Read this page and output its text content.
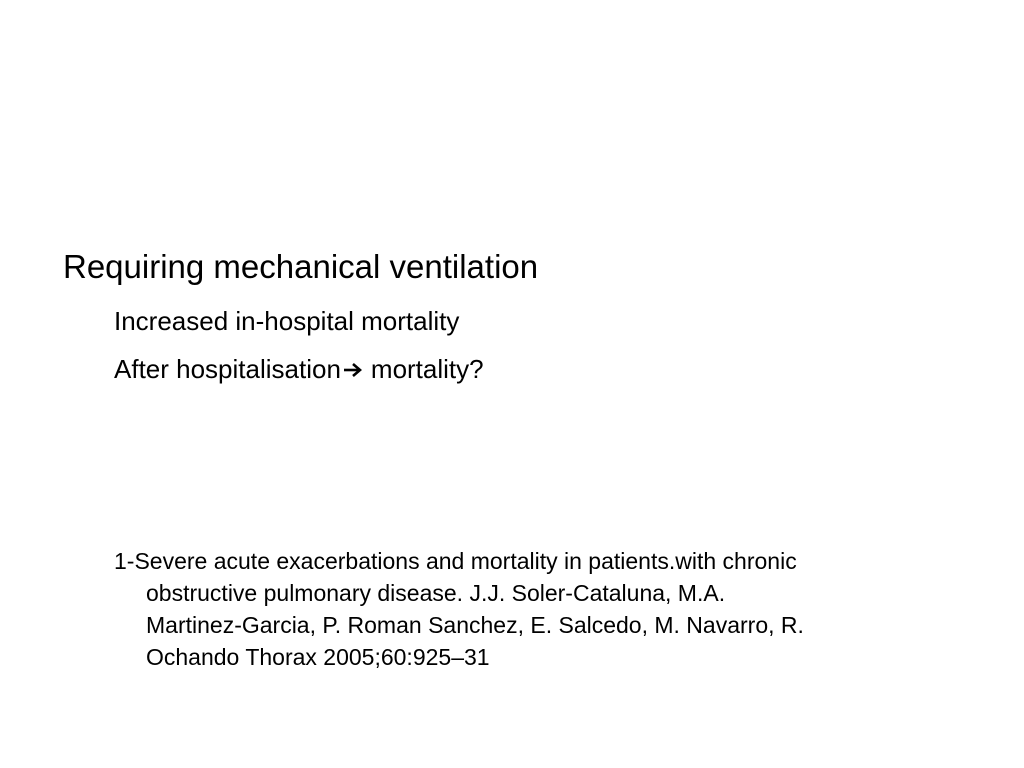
Requiring mechanical ventilation
Increased in-hospital mortality
After hospitalisation mortality?
1-Severe acute exacerbations and mortality in patients.with chronic
obstructive pulmonary disease. J.J. Soler-Cataluna, M.A.
Martinez-Garcia, P. Roman Sanchez, E. Salcedo, M. Navarro, R.
Ochando Thorax 2005;60:925–31
